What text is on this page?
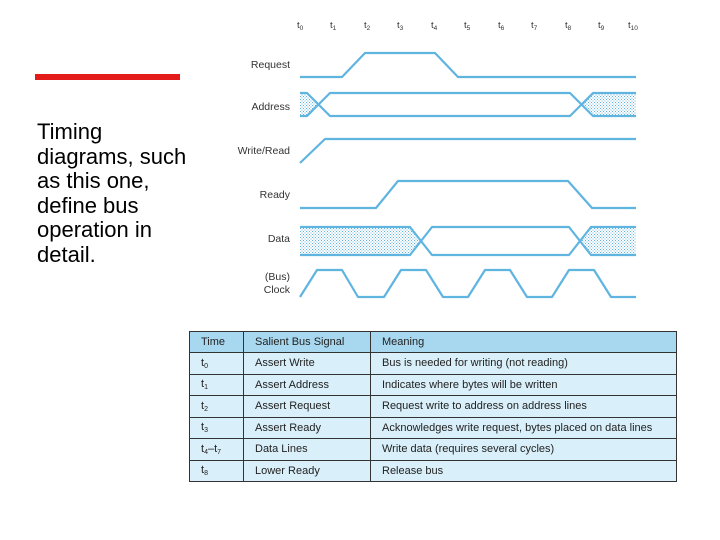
Timing diagrams, such as this one, define bus operation in detail.
$t_0$	$t_1$	$t_2$	$t_3$	$t_4$	$t_5$	$t_6$	$t_7$	$t_8$	$t_9$ $t_{10}$
Request
Address
Write/Read
Ready
Data
(Bus)
Clock
Time	Salient Bus Signal	Meaning
$t_0$	Assert Write	Bus is needed for writing (not reading)
$t_1$	Assert Address	Indicates where bytes will be written
$t_2$	Assert Request	Request write to address on address lines
$t_3$	Assert Ready	Acknowledges write request, bytes placed on data lines
$t_4-t_7$	Data Lines	Write data (requires several cycles)
$t_8$	Lower Ready	Release bus
